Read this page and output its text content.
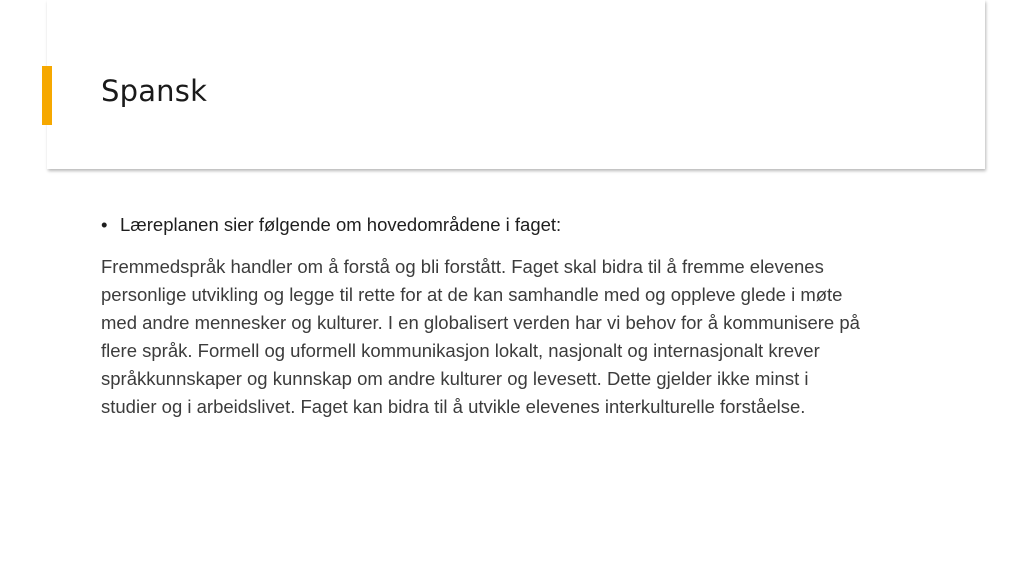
Spansk
• Læreplanen sier følgende om hovedområdene i faget:

Fremmedspråk handler om å forstå og bli forstått. Faget skal bidra til å fremme elevenes
personlige utvikling og legge til rette for at de kan samhandle med og oppleve glede i møte
med andre mennesker og kulturer. I en globalisert verden har vi behov for å kommunisere på
flere språk. Formell og uformell kommunikasjon lokalt, nasjonalt og internasjonalt krever
språkkunnskaper og kunnskap om andre kulturer og levesett. Dette gjelder ikke minst i
studier og i arbeidslivet. Faget kan bidra til å utvikle elevenes interkulturelle forståelse.
